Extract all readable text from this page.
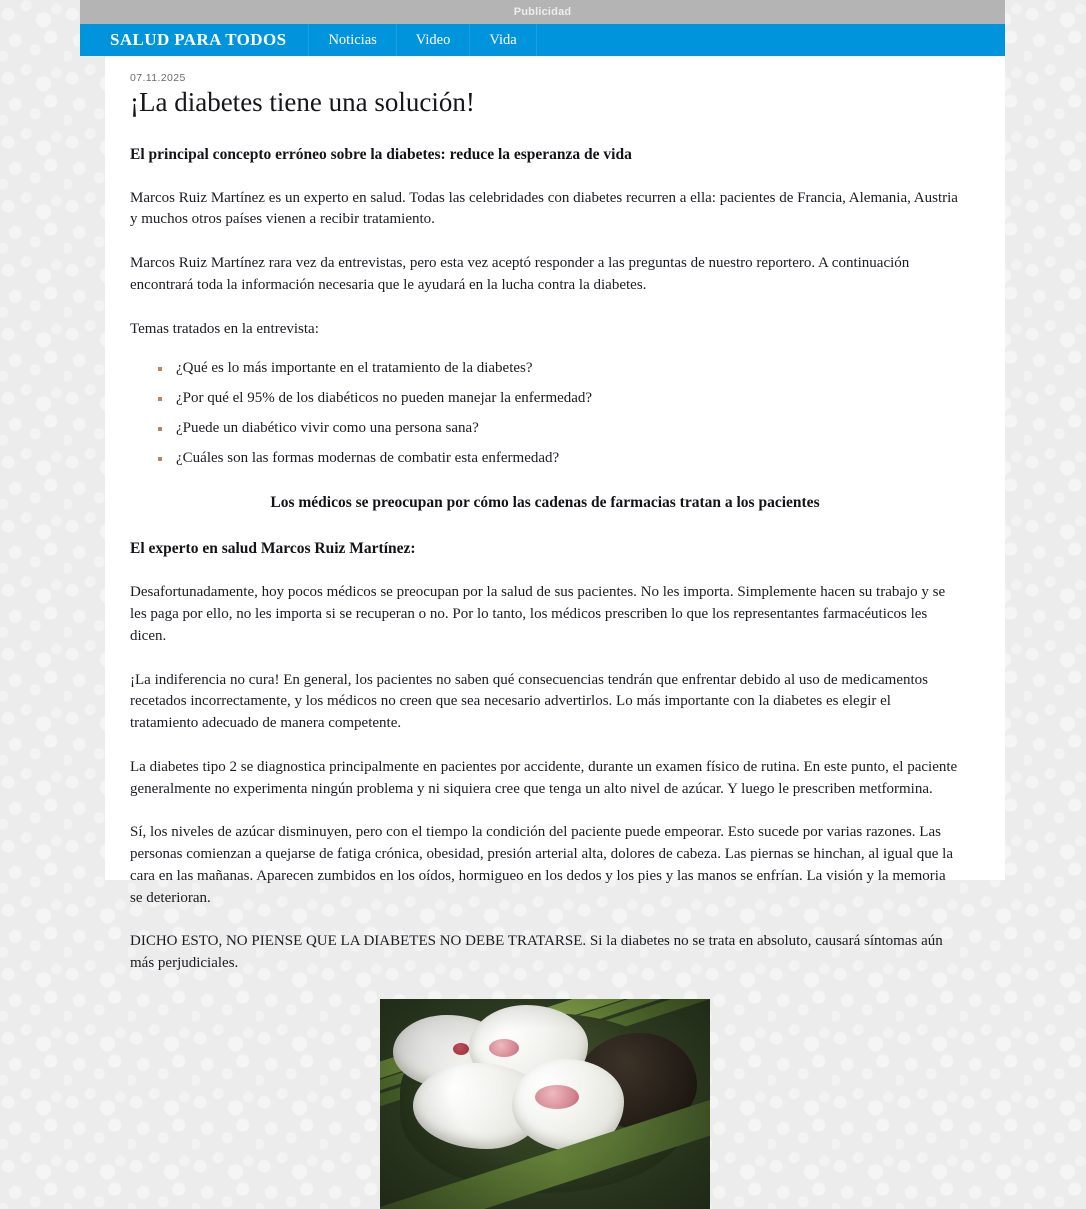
Publicidad
SALUD PARA TODOS	Noticias	Video	Vida
07.11.2025
¡La diabetes tiene una solución!
El principal concepto erróneo sobre la diabetes: reduce la esperanza de vida

Marcos Ruiz Martínez es un experto en salud. Todas las celebridades con diabetes recurren a ella: pacientes de Francia, Alemania, Austria y muchos otros países vienen a recibir tratamiento.

Marcos Ruiz Martínez rara vez da entrevistas, pero esta vez aceptó responder a las preguntas de nuestro reportero. A continuación encontrará toda la información necesaria que le ayudará en la lucha contra la diabetes.

Temas tratados en la entrevista:

¿Qué es lo más importante en el tratamiento de la diabetes?
¿Por qué el 95% de los diabéticos no pueden manejar la enfermedad?
¿Puede un diabético vivir como una persona sana?
¿Cuáles son las formas modernas de combatir esta enfermedad?
Los médicos se preocupan por cómo las cadenas de farmacias tratan a los pacientes
El experto en salud Marcos Ruiz Martínez:

Desafortunadamente, hoy pocos médicos se preocupan por la salud de sus pacientes. No les importa. Simplemente hacen su trabajo y se les paga por ello, no les importa si se recuperan o no. Por lo tanto, los médicos prescriben lo que los representantes farmacéuticos les dicen.

¡La indiferencia no cura! En general, los pacientes no saben qué consecuencias tendrán que enfrentar debido al uso de medicamentos recetados incorrectamente, y los médicos no creen que sea necesario advertirlos. Lo más importante con la diabetes es elegir el tratamiento adecuado de manera competente.

La diabetes tipo 2 se diagnostica principalmente en pacientes por accidente, durante un examen físico de rutina. En este punto, el paciente generalmente no experimenta ningún problema y ni siquiera cree que tenga un alto nivel de azúcar. Y luego le prescriben metformina.

Sí, los niveles de azúcar disminuyen, pero con el tiempo la condición del paciente puede empeorar. Esto sucede por varias razones. Las personas comienzan a quejarse de fatiga crónica, obesidad, presión arterial alta, dolores de cabeza. Las piernas se hinchan, al igual que la cara en las mañanas. Aparecen zumbidos en los oídos, hormigueo en los dedos y los pies y las manos se enfrían. La visión y la memoria se deterioran.

DICHO ESTO, NO PIENSE QUE LA DIABETES NO DEBE TRATARSE. Si la diabetes no se trata en absoluto, causará síntomas aún más perjudiciales.
